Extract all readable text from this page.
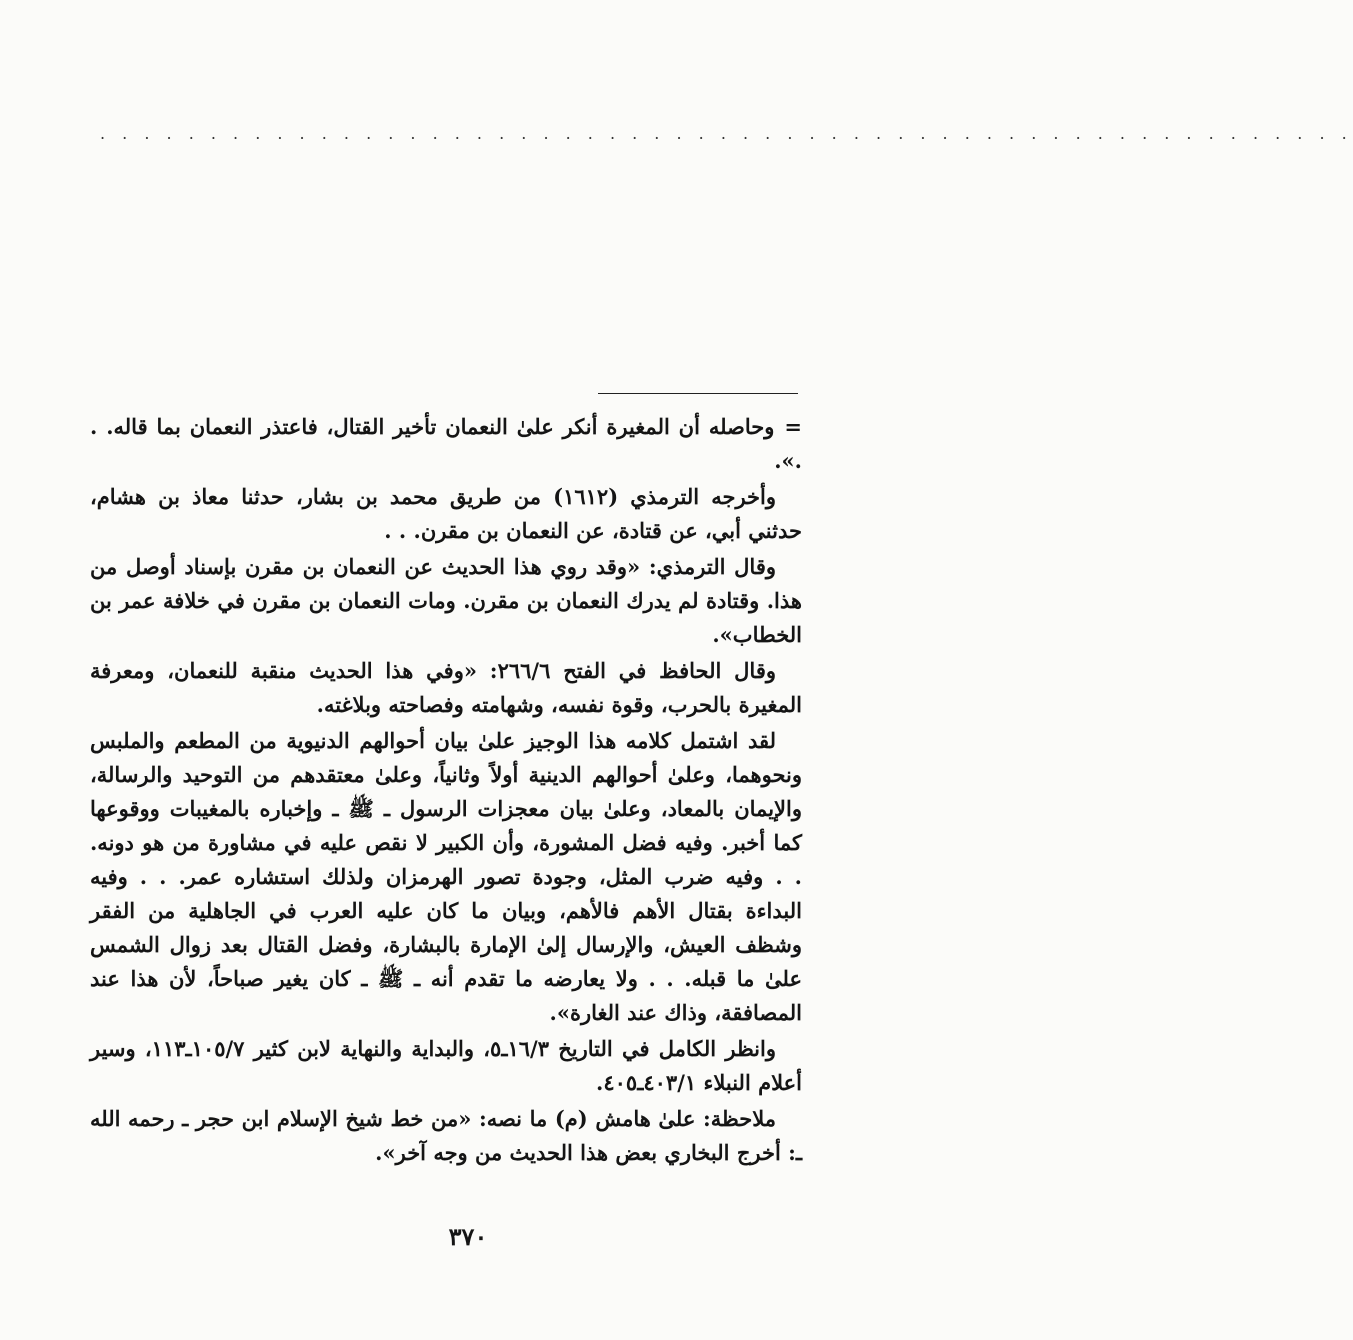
. . . . . . . . . . . . . . . . . . . . . . . . . . . . . . . . . . . . . . . . . . . . . . . . . . . . . . . . .

=وحاصله أن المغيرة أنكر علىٰ النعمان تأخير القتال، فاعتذر النعمان بما قاله. . .».

وأخرجه الترمذي (١٦١٢) من طريق محمد بن بشار، حدثنا معاذ بن هشام، حدثني أبي، عن قتادة، عن النعمان بن مقرن. . .

وقال الترمذي: «وقد روي هذا الحديث عن النعمان بن مقرن بإسناد أوصل من هذا. وقتادة لم يدرك النعمان بن مقرن. ومات النعمان بن مقرن في خلافة عمر بن الخطاب».

وقال الحافظ في الفتح ٢٦٦/٦: «وفي هذا الحديث منقبة للنعمان، ومعرفة المغيرة بالحرب، وقوة نفسه، وشهامته وفصاحته وبلاغته.

لقد اشتمل كلامه هذا الوجيز علىٰ بيان أحوالهم الدنيوية من المطعم والملبس ونحوهما، وعلىٰ أحوالهم الدينية أولاً وثانياً، وعلىٰ معتقدهم من التوحيد والرسالة، والإيمان بالمعاد، وعلىٰ بيان معجزات الرسول ـ ﷺ ـ وإخباره بالمغيبات ووقوعها كما أخبر. وفيه فضل المشورة، وأن الكبير لا نقص عليه في مشاورة من هو دونه. . . وفيه ضرب المثل، وجودة تصور الهرمزان ولذلك استشاره عمر. . . وفيه البداءة بقتال الأهم فالأهم، وبيان ما كان عليه العرب في الجاهلية من الفقر وشظف العيش، والإرسال إلىٰ الإمارة بالبشارة، وفضل القتال بعد زوال الشمس علىٰ ما قبله. . . ولا يعارضه ما تقدم أنه ـ ﷺ ـ كان يغير صباحاً، لأن هذا عند المصافقة، وذاك عند الغارة».

وانظر الكامل في التاريخ ١٦/٣ـ٥، والبداية والنهاية لابن كثير ١٠٥/٧ـ١١٣، وسير أعلام النبلاء ٤٠٣/١ـ٤٠٥.

ملاحظة: علىٰ هامش (م) ما نصه: «من خط شيخ الإسلام ابن حجر ـ رحمه الله ـ: أخرج البخاري بعض هذا الحديث من وجه آخر».

٣٧٠
